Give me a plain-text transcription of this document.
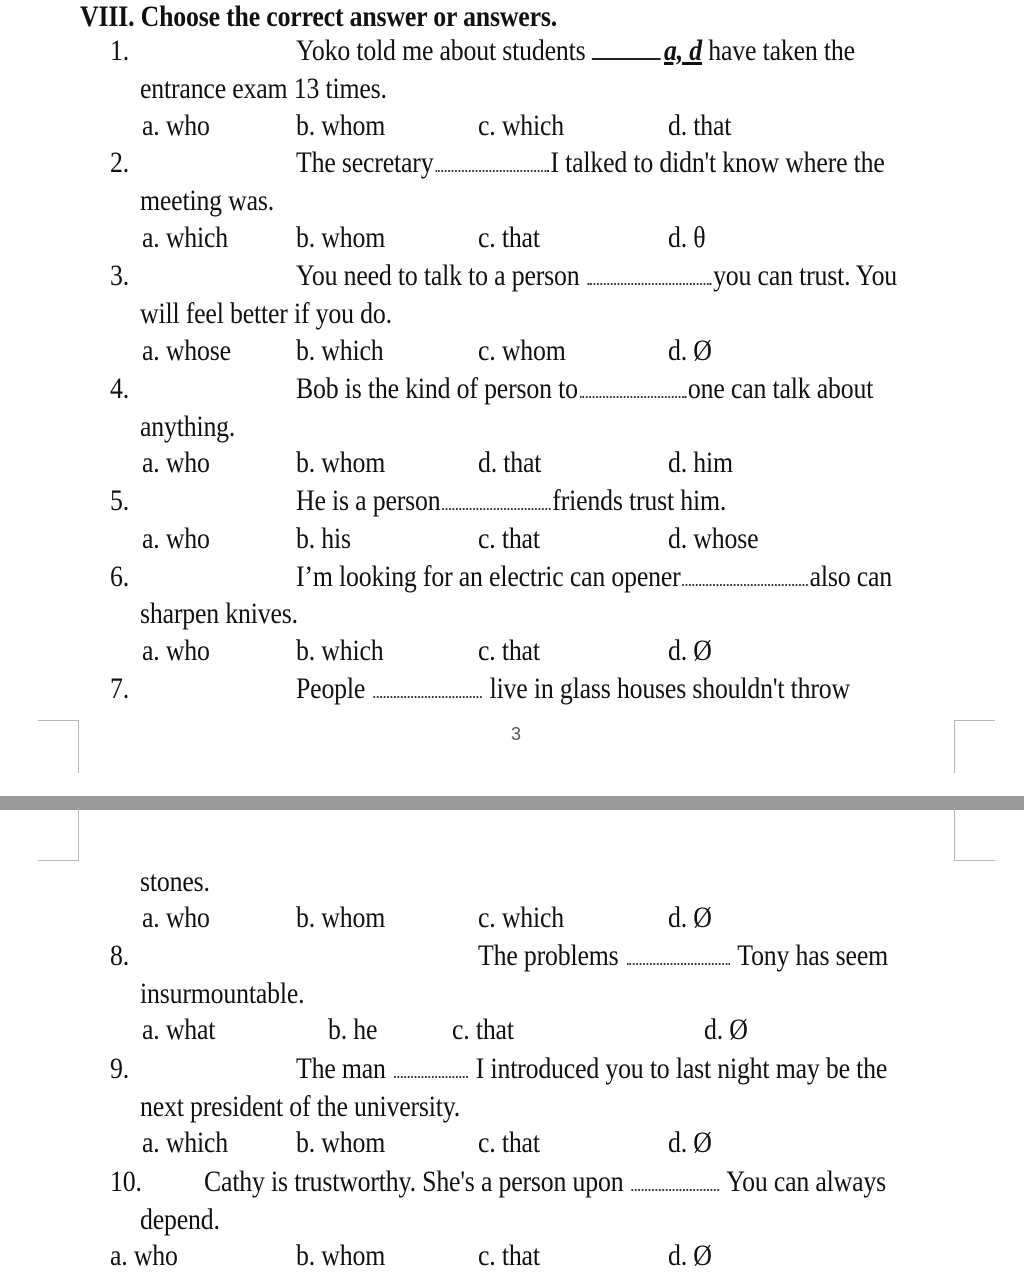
VIII. Choose the correct answer or answers.
1.	Yoko told me about students	a, d have taken the
entrance exam 13 times.
a. who	b. whom	c. which	d. that
2.	The secretary	I talked to didn't know where the
meeting was.
a. which b. whom	c. that	d. θ
3.	You need to talk to a person	you can trust. You
will feel better if you do.
a. whose b. which	c. whom	d. Ø
4.	Bob is the kind of person to	one can talk about
anything.
a. who	b. whom	d. that	d. him
5.	He is a person	friends trust him.
a. who	b. his	c. that	d. whose
6.	I’m looking for an electric can opener	also can
sharpen knives.
a. who	b. which	c. that	d. Ø
7.	People	live in glass houses shouldn't throw
3
stones.
a. who	b. whom	c. which	d. Ø
8.	The problems	Tony has seem
insurmountable.
a. what	b. he c. that	d. Ø
9.	The man	I introduced you to last night may be the
next president of the university.
a. which b. whom	c. that	d. Ø
10. Cathy is trustworthy. She's a person upon	You can always
depend.
a. who	b. whom	c. that	d. Ø
